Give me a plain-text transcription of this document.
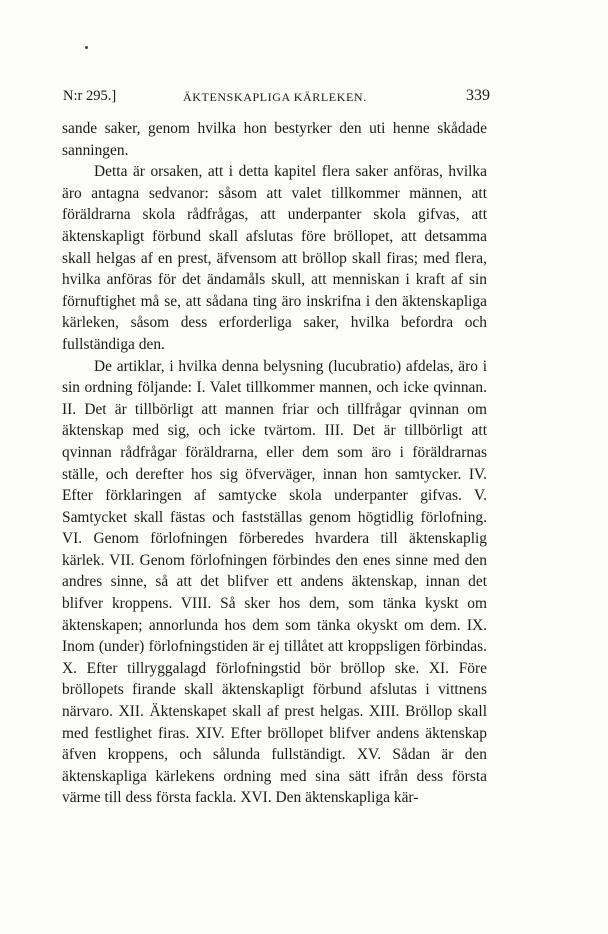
N:r 295.]	ÄKTENSKAPLIGA KÄRLEKEN.	339

sande saker, genom hvilka hon bestyrker den uti henne skådade sanningen.

Detta är orsaken, att i detta kapitel flera saker anföras, hvilka äro antagna sedvanor: såsom att valet tillkommer männen, att föräldrarna skola rådfrågas, att underpanter skola gifvas, att äktenskapligt förbund skall afslutas före bröllopet, att detsamma skall helgas af en prest, äfvensom att bröllop skall firas; med flera, hvilka anföras för det ändamåls skull, att menniskan i kraft af sin förnuftighet må se, att sådana ting äro inskrifna i den äktenskapliga kärleken, såsom dess erforderliga saker, hvilka befordra och fullständiga den.

De artiklar, i hvilka denna belysning (lucubratio) afdelas, äro i sin ordning följande: I. Valet tillkommer mannen, och icke qvinnan. II. Det är tillbörligt att mannen friar och tillfrågar qvinnan om äktenskap med sig, och icke tvärtom. III. Det är tillbörligt att qvinnan rådfrågar föräldrarna, eller dem som äro i föräldrarnas ställe, och derefter hos sig öfverväger, innan hon samtycker. IV. Efter förklaringen af samtycke skola underpanter gifvas. V. Samtycket skall fästas och fastställas genom högtidlig förlofning. VI. Genom förlofningen förberedes hvardera till äktenskaplig kärlek. VII. Genom förlofningen förbindes den enes sinne med den andres sinne, så att det blifver ett andens äktenskap, innan det blifver kroppens. VIII. Så sker hos dem, som tänka kyskt om äktenskapen; annorlunda hos dem som tänka okyskt om dem. IX. Inom (under) förlofningstiden är ej tillåtet att kroppsligen förbindas. X. Efter tillryggalagd förlofningstid bör bröllop ske. XI. Före bröllopets firande skall äktenskapligt förbund afslutas i vittnens närvaro. XII. Äktenskapet skall af prest helgas. XIII. Bröllop skall med festlighet firas. XIV. Efter bröllopet blifver andens äktenskap äfven kroppens, och sålunda fullständigt. XV. Sådan är den äktenskapliga kärlekens ordning med sina sätt ifrån dess första värme till dess första fackla. XVI. Den äktenskapliga kär-
